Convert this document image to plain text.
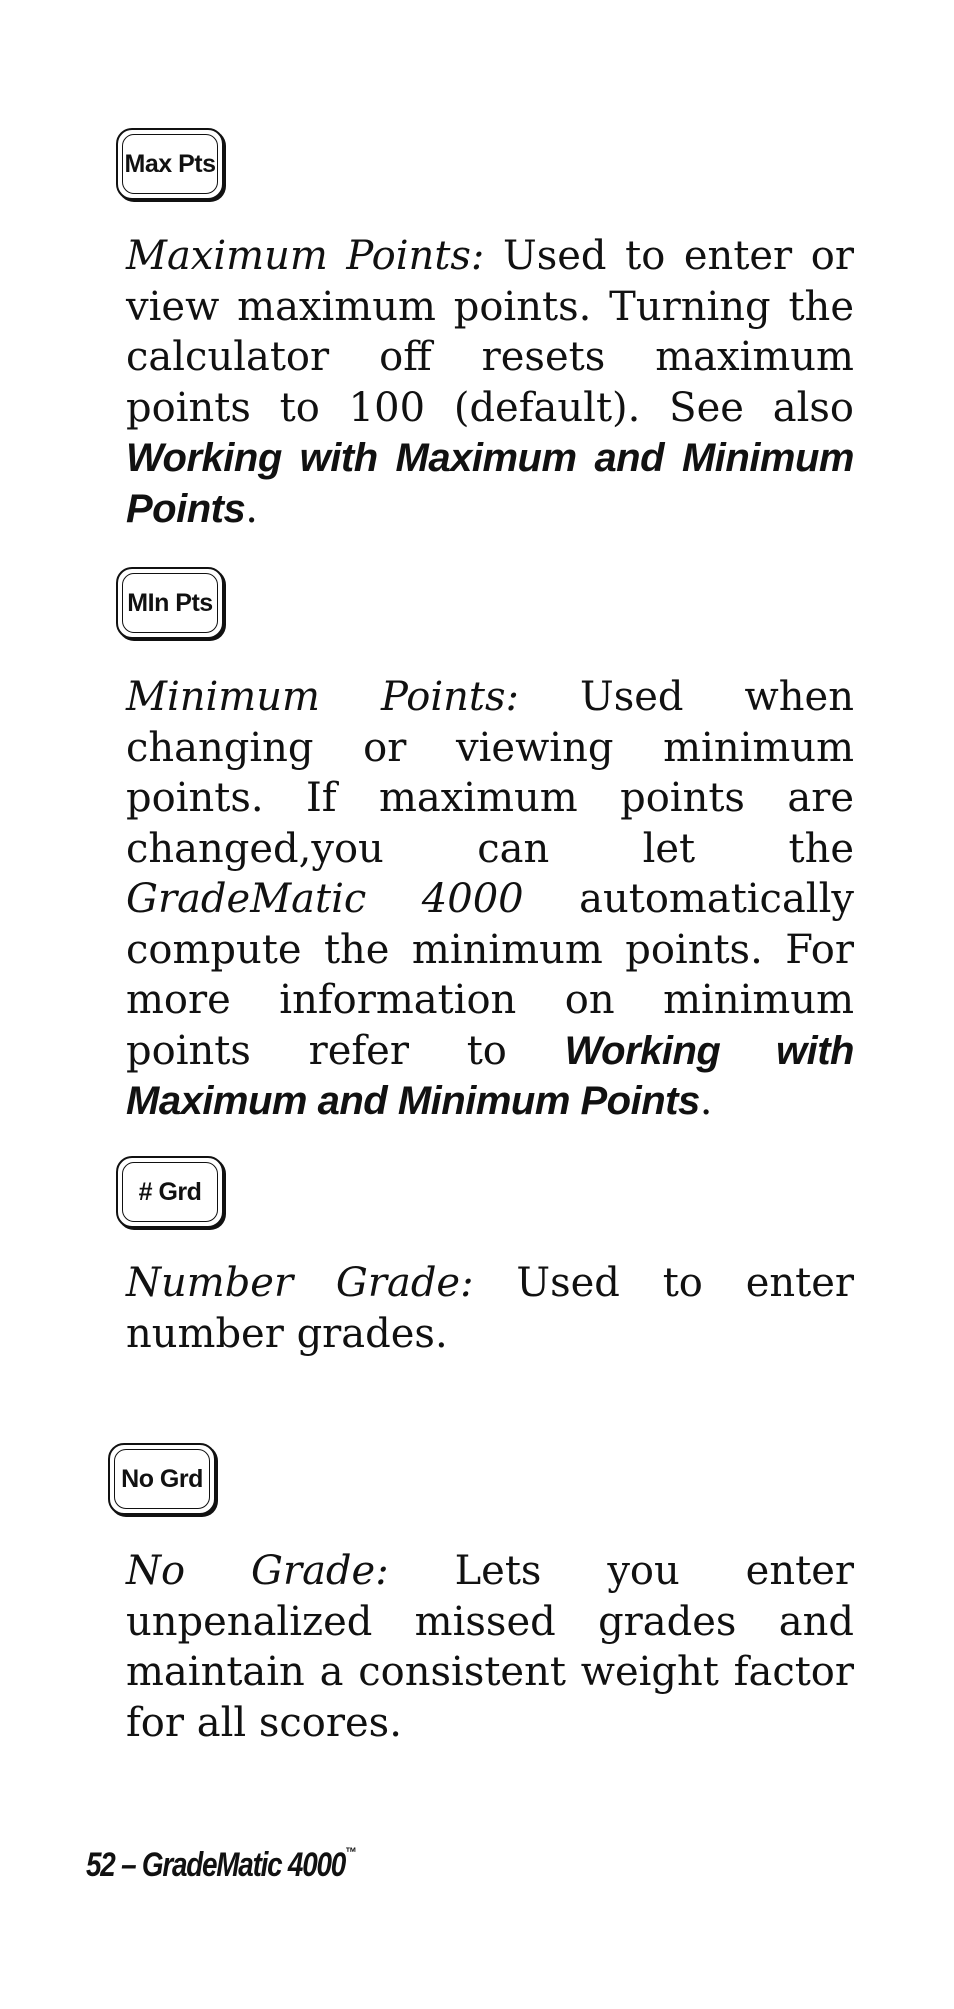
Max Pts

Maximum Points: Used to enter or view maximum points. Turning the calculator off resets maximum points to 100 (default). See also Working with Maximum and Minimum Points.

MIn Pts

Minimum Points: Used when changing or viewing minimum points. If maximum points are changed,you can let the GradeMatic 4000 automatically compute the minimum points. For more information on minimum points refer to Working with Maximum and Minimum Points.

# Grd

Number Grade: Used to enter number grades.

No Grd

No Grade: Lets you enter unpenalized missed grades and maintain a consistent weight factor for all scores.

52 – GradeMatic 4000™
